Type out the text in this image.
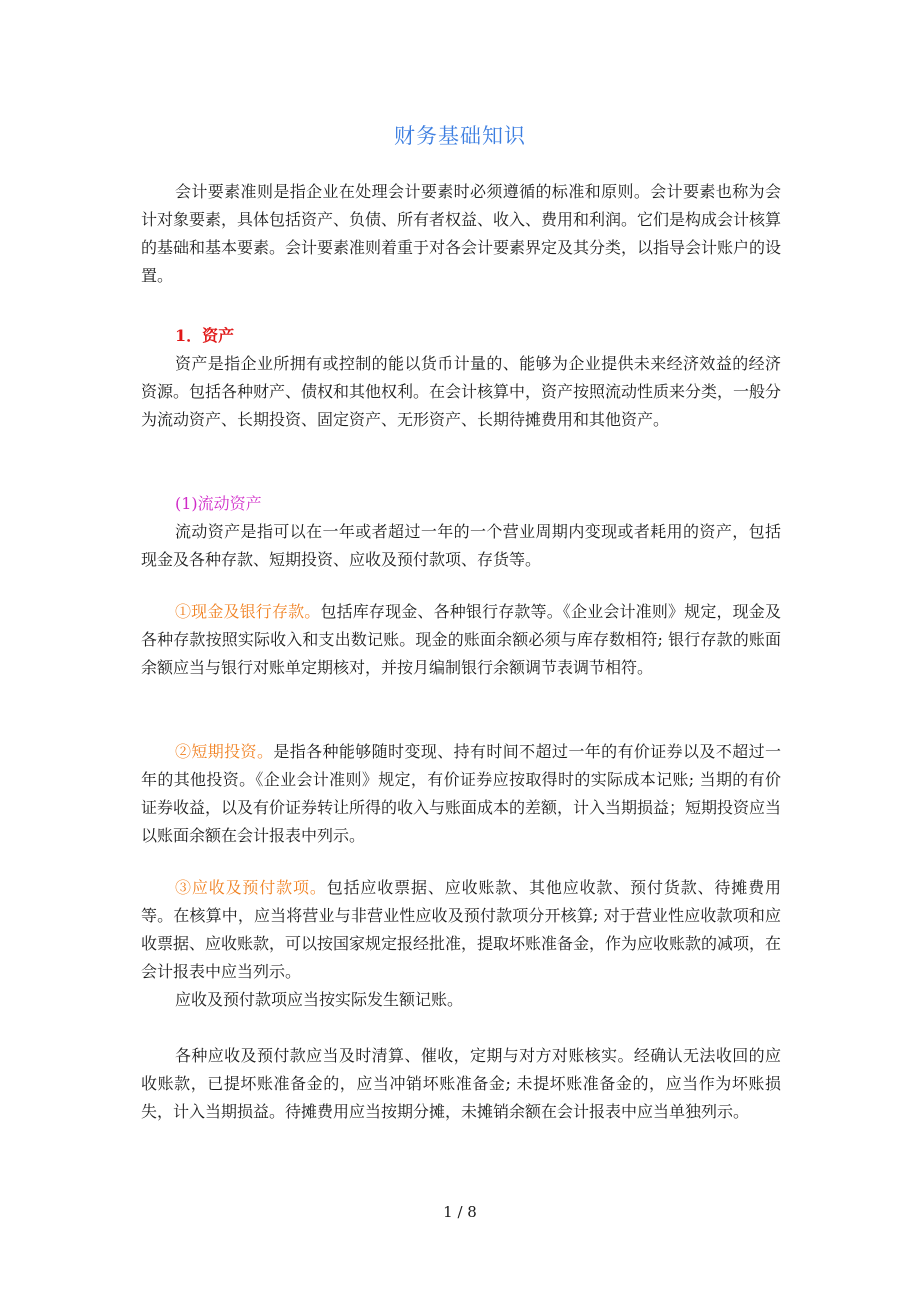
财务基础知识

会计要素准则是指企业在处理会计要素时必须遵循的标准和原则。会计要素也称为会计对象要素，具体包括资产、负债、所有者权益、收入、费用和利润。它们是构成会计核算的基础和基本要素。会计要素准则着重于对各会计要素界定及其分类，以指导会计账户的设置。

1．资产

资产是指企业所拥有或控制的能以货币计量的、能够为企业提供未来经济效益的经济资源。包括各种财产、债权和其他权利。在会计核算中，资产按照流动性质来分类，一般分为流动资产、长期投资、固定资产、无形资产、长期待摊费用和其他资产。

(1)流动资产

流动资产是指可以在一年或者超过一年的一个营业周期内变现或者耗用的资产，包括现金及各种存款、短期投资、应收及预付款项、存货等。

①现金及银行存款。包括库存现金、各种银行存款等。《企业会计准则》规定，现金及各种存款按照实际收入和支出数记账。现金的账面余额必须与库存数相符; 银行存款的账面余额应当与银行对账单定期核对，并按月编制银行余额调节表调节相符。

②短期投资。是指各种能够随时变现、持有时间不超过一年的有价证券以及不超过一年的其他投资。《企业会计准则》规定，有价证券应按取得时的实际成本记账; 当期的有价证券收益，以及有价证券转让所得的收入与账面成本的差额，计入当期损益；短期投资应当以账面余额在会计报表中列示。

③应收及预付款项。包括应收票据、应收账款、其他应收款、预付货款、待摊费用等。在核算中，应当将营业与非营业性应收及预付款项分开核算; 对于营业性应收款项和应收票据、应收账款，可以按国家规定报经批准，提取坏账准备金，作为应收账款的减项，在会计报表中应当列示。

应收及预付款项应当按实际发生额记账。

各种应收及预付款应当及时清算、催收，定期与对方对账核实。经确认无法收回的应收账款，已提坏账准备金的，应当冲销坏账准备金; 未提坏账准备金的，应当作为坏账损失，计入当期损益。待摊费用应当按期分摊，未摊销余额在会计报表中应当单独列示。

1 / 8
